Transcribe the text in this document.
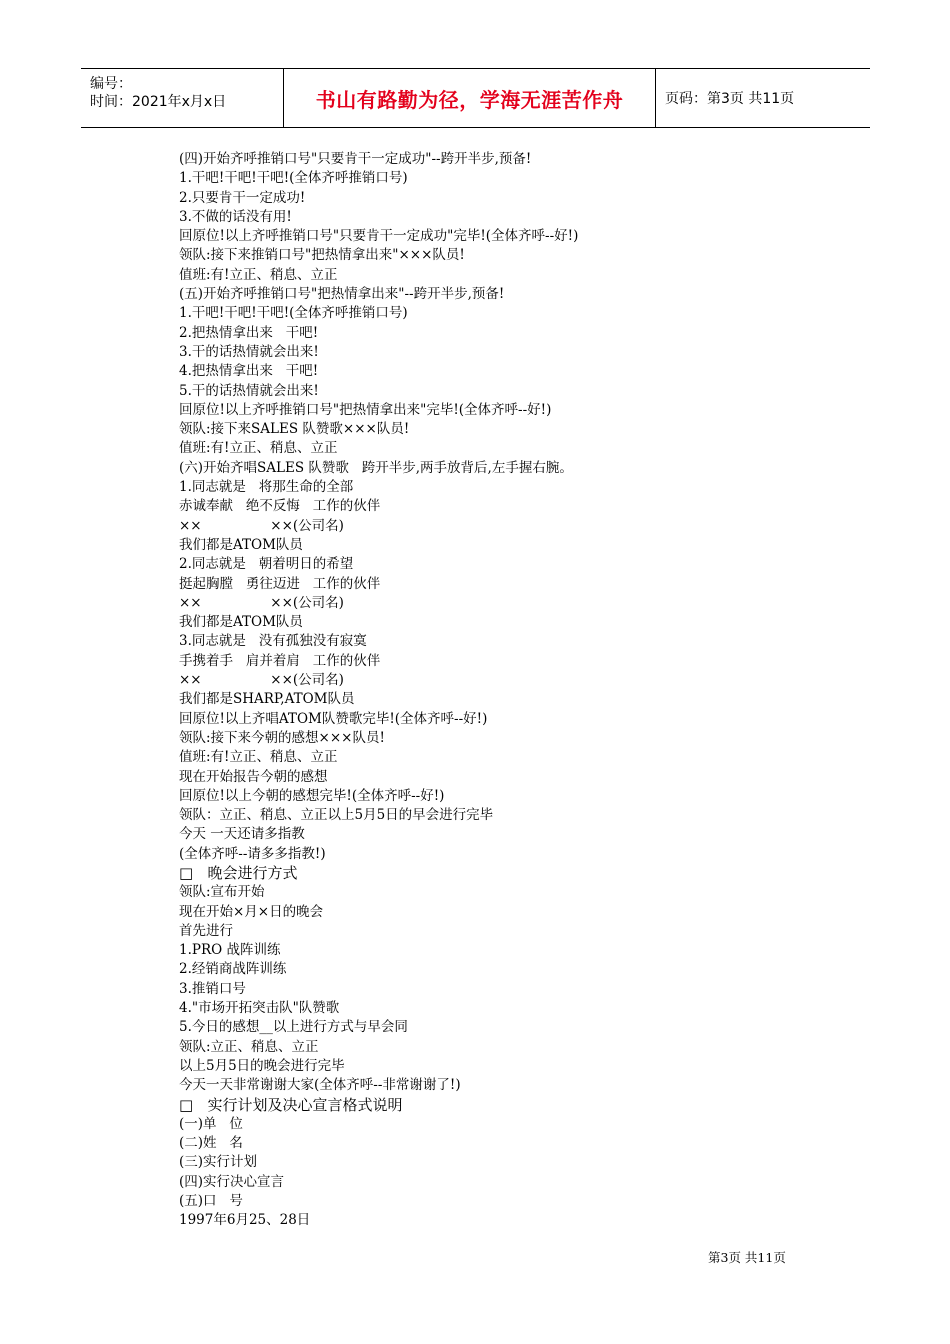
编号：
时间：2021年x月x日	书山有路勤为径，学海无涯苦作舟	页码：第3页 共11页
(四)开始齐呼推销口号"只要肯干一定成功"--跨开半步,预备!
1.干吧!干吧!干吧!(全体齐呼推销口号)
2.只要肯干一定成功!
3.不做的话没有用!
回原位!以上齐呼推销口号"只要肯干一定成功"完毕!(全体齐呼--好!)
领队:接下来推销口号"把热情拿出来"×××队员!
值班:有!立正、稍息、立正
(五)开始齐呼推销口号"把热情拿出来"--跨开半步,预备!
1.干吧!干吧!干吧!(全体齐呼推销口号)
2.把热情拿出来   干吧!
3.干的话热情就会出来!
4.把热情拿出来   干吧!
5.干的话热情就会出来!
回原位!以上齐呼推销口号"把热情拿出来"完毕!(全体齐呼--好!)
领队:接下来SALES 队赞歌×××队员!
值班:有!立正、稍息、立正
(六)开始齐唱SALES 队赞歌   跨开半步,两手放背后,左手握右腕。
1.同志就是   将那生命的全部
赤诚奉献   绝不反悔   工作的伙伴
××                ××(公司名)
我们都是ATOM队员
2.同志就是   朝着明日的希望
挺起胸膛   勇往迈进   工作的伙伴
××                ××(公司名)
我们都是ATOM队员
3.同志就是   没有孤独没有寂寞
手携着手   肩并着肩   工作的伙伴
××                ××(公司名)
我们都是SHARP,ATOM队员
回原位!以上齐唱ATOM队赞歌完毕!(全体齐呼--好!)
领队:接下来今朝的感想×××队员!
值班:有!立正、稍息、立正
现在开始报告今朝的感想
回原位!以上今朝的感想完毕!(全体齐呼--好!)
领队：立正、稍息、立正以上5月5日的早会进行完毕
今天 一天还请多指教
(全体齐呼--请多多指教!)
□   晚会进行方式
领队:宣布开始
现在开始×月×日的晚会
首先进行
1.PRO 战阵训练
2.经销商战阵训练
3.推销口号
4."市场开拓突击队"队赞歌
5.今日的感想__以上进行方式与早会同
领队:立正、稍息、立正
以上5月5日的晚会进行完毕
今天一天非常谢谢大家(全体齐呼--非常谢谢了!)
□   实行计划及决心宣言格式说明
(一)单   位
(二)姓   名
(三)实行计划
(四)实行决心宣言
(五)口   号
1997年6月25、28日
第3页 共11页
